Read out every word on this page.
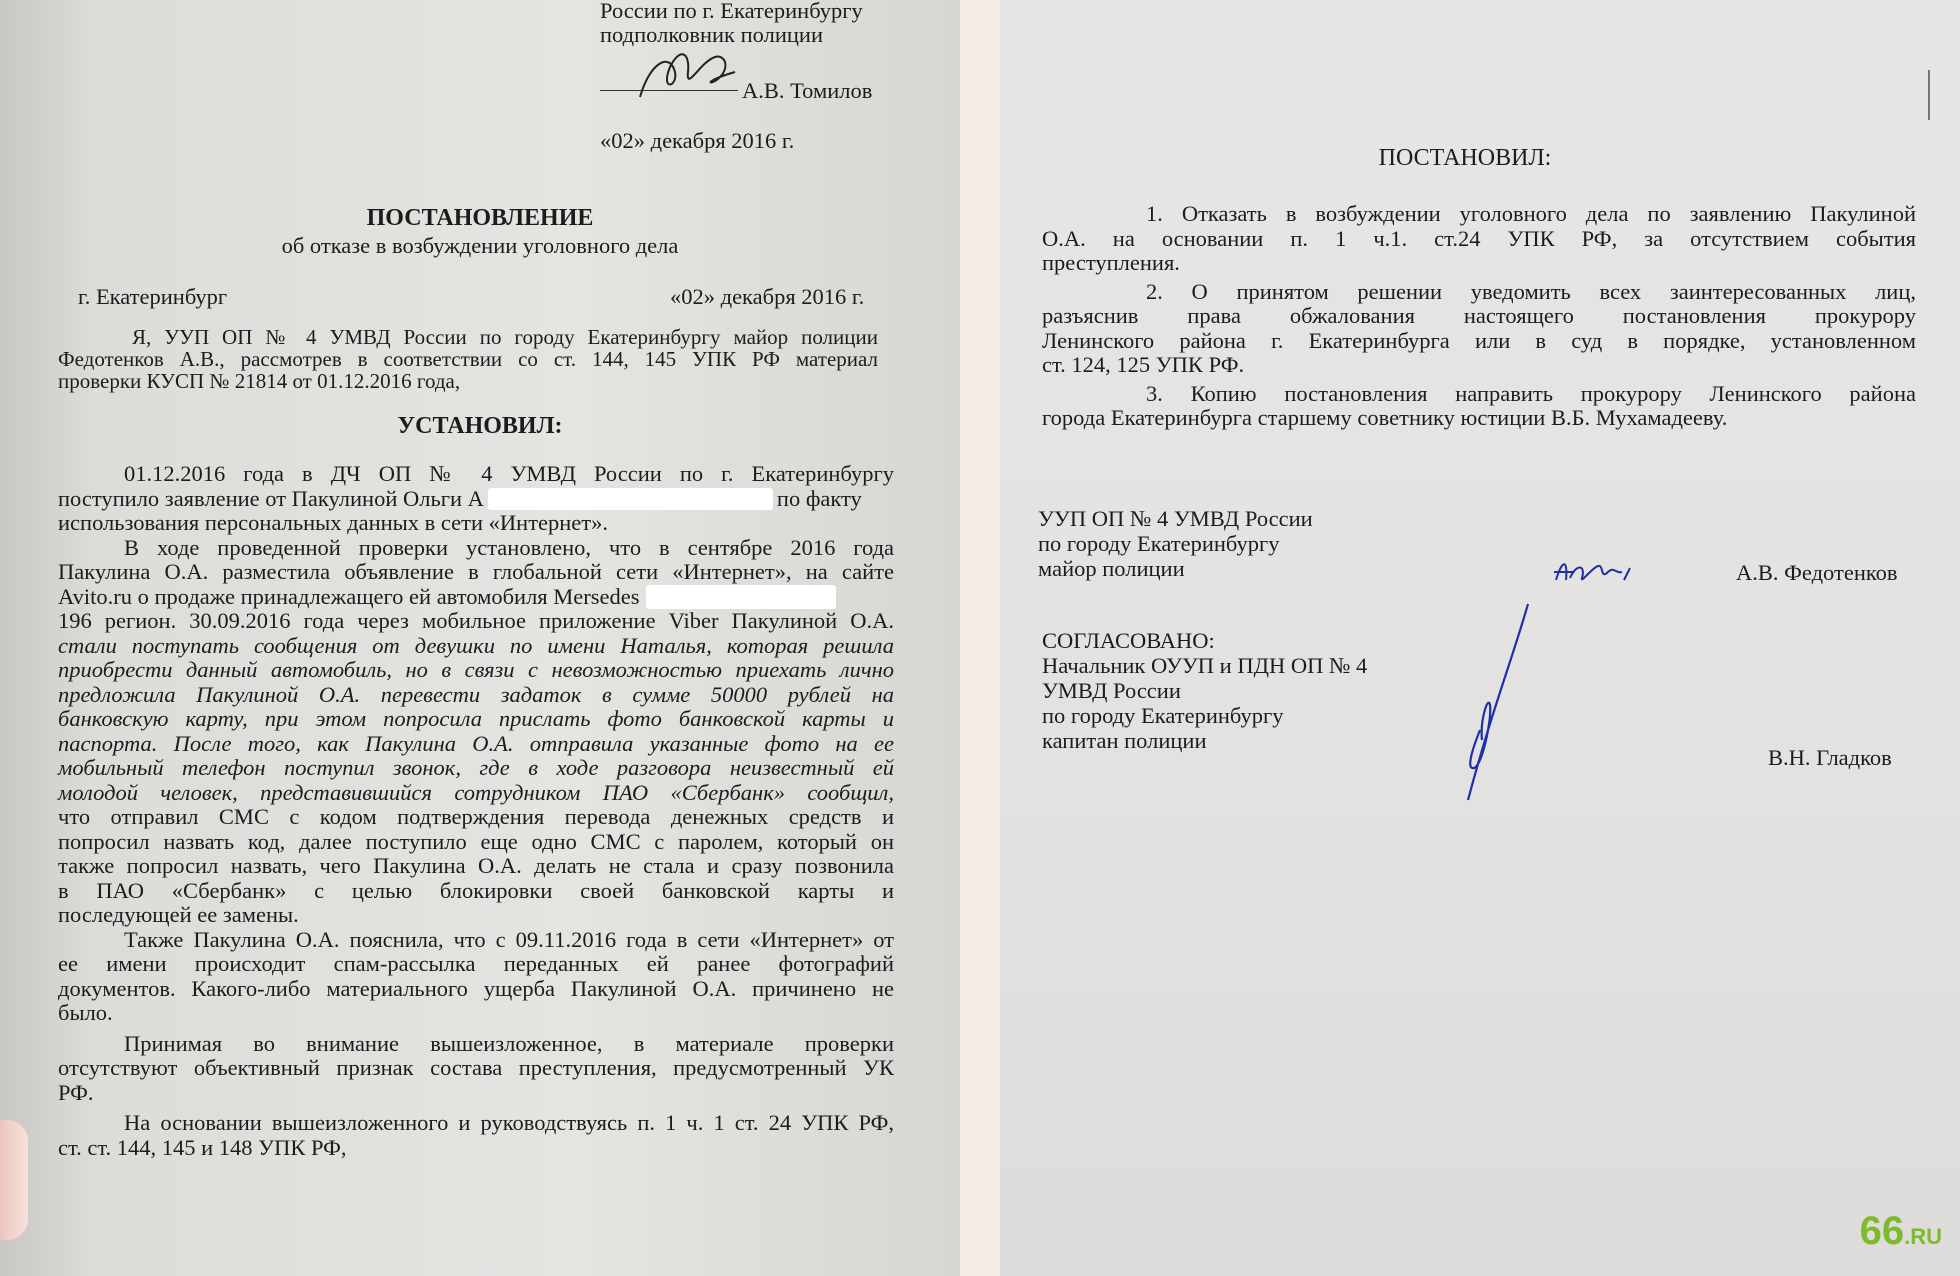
России по г. Екатеринбургу

подполковник полиции

А.В. Томилов

«02» декабря 2016 г.

ПОСТАНОВЛЕНИЕ

об отказе в возбуждении уголовного дела

г. Екатеринбург	«02» декабря 2016 г.

Я, УУП ОП № 4 УМВД России по городу Екатеринбургу майор полиции
Федотенков А.В., рассмотрев в соответствии со ст. 144, 145 УПК РФ материал
проверки КУСП № 21814 от 01.12.2016 года,

УСТАНОВИЛ:

01.12.2016 года в ДЧ ОП № 4 УМВД России по г. Екатеринбургу
поступило заявление от Пакулиной Ольги А	по факту
использования персональных данных в сети «Интернет».
В ходе проведенной проверки установлено, что в сентябре 2016 года
Пакулина О.А. разместила объявление в глобальной сети «Интернет», на сайте
Avito.ru о продаже принадлежащего ей автомобиля Mersedes
196 регион. 30.09.2016 года через мобильное приложение Viber Пакулиной О.А.
стали поступать сообщения от девушки по имени Наталья, которая решила
приобрести данный автомобиль, но в связи с невозможностью приехать лично
предложила Пакулиной О.А. перевести задаток в сумме 50000 рублей на
банковскую карту, при этом попросила прислать фото банковской карты и
паспорта. После того, как Пакулина О.А. отправила указанные фото на ее
мобильный телефон поступил звонок, где в ходе разговора неизвестный ей
молодой человек, представившийся сотрудником ПАО «Сбербанк» сообщил,
что отправил СМС с кодом подтверждения перевода денежных средств и
попросил назвать код, далее поступило еще одно СМС с паролем, который он
также попросил назвать, чего Пакулина О.А. делать не стала и сразу позвонила
в ПАО «Сбербанк» с целью блокировки своей банковской карты и
последующей ее замены.
Также Пакулина О.А. пояснила, что с 09.11.2016 года в сети «Интернет» от
ее имени происходит спам-рассылка переданных ей ранее фотографий
документов. Какого-либо материального ущерба Пакулиной О.А. причинено не
было.
Принимая во внимание вышеизложенное, в материале проверки
отсутствуют объективный признак состава преступления, предусмотренный УК
РФ.
На основании вышеизложенного и руководствуясь п. 1 ч. 1 ст. 24 УПК РФ,
ст. ст. 144, 145 и 148 УПК РФ,

ПОСТАНОВИЛ:

1. Отказать в возбуждении уголовного дела по заявлению Пакулиной
О.А. на основании п. 1 ч.1. ст.24 УПК РФ, за отсутствием события
преступления.
2. О принятом решении уведомить всех заинтересованных лиц,
разъяснив права обжалования настоящего постановления прокурору
Ленинского района г. Екатеринбурга или в суд в порядке, установленном
ст. 124, 125 УПК РФ.
3. Копию постановления направить прокурору Ленинского района
города Екатеринбурга старшему советнику юстиции В.Б. Мухамадееву.
УУП ОП № 4 УМВД России
по городу Екатеринбургу
майор полиции	А.В. Федотенков

СОГЛАСОВАНО:
Начальник ОУУП и ПДН ОП № 4
УМВД России
по городу Екатеринбургу
капитан полиции

В.Н. Гладков

66.RU
